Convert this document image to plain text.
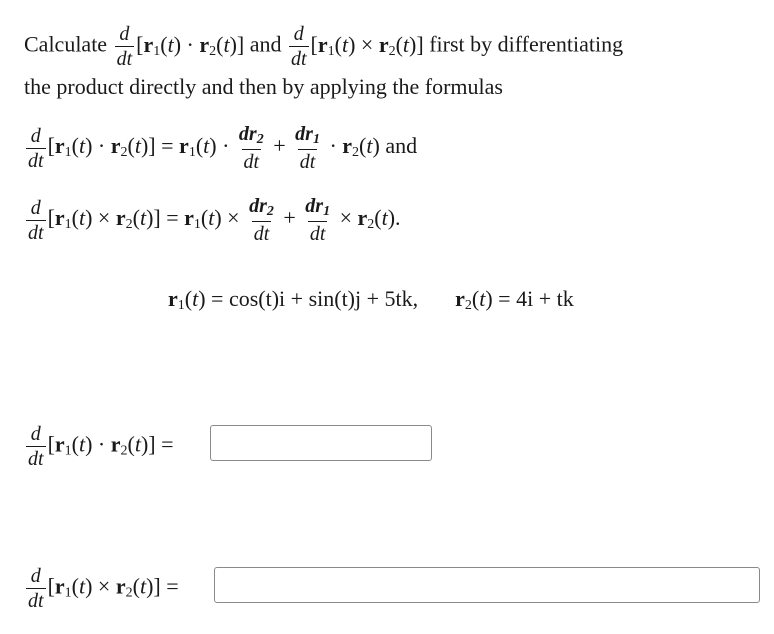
Calculate $\frac{d}{dt} [r_1(t) \cdot r_2(t)]$ and $\frac{d}{dt} [r_1(t) \times r_2(t)]$ first by differentiating
the product directly and then by applying the formulas
$\frac{d}{dt} [r_1(t) \cdot r_2(t)] = r_1(t) \cdot \frac{dr_2}{dt} + \frac{dr_1}{dt} \cdot r_2(t)$ and
$\frac{d}{dt} [r_1(t) \times r_2(t)] = r_1(t) \times \frac{dr_2}{dt} + \frac{dr_1}{dt} \times r_2(t)$.
$r_1(t) = \cos(t)i + \sin(t)j + 5tk$, $r_2(t) = 4i$ + tk
$\frac{d}{dt} [r_1(t) \cdot r_2(t)]$ =
$\frac{d}{dt} [r_1(t) \times r_2(t)]$ =
